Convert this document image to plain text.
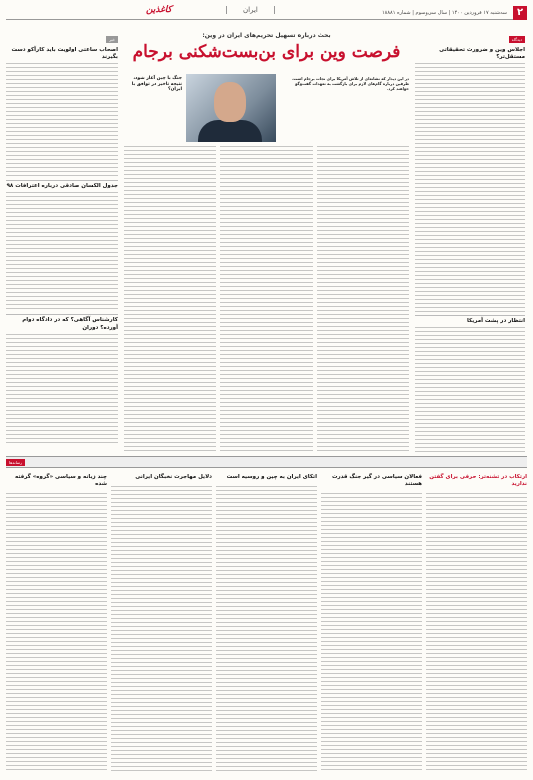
۲
سه‌شنبه ۱۷ فروردین ۱۴۰۰ | سال سی‌وسوم | شماره ۱۸۸۸۱
ایران
کاغذین
دیدگاه
اجلاس وین و ضرورت تحقیقاتی مستقل‌تر؟
انتظار در پشت آمریکا
خبر
اصحاب ساعتی اولویت باید کارآکو دست بگیرند
جدول الکسان صادقی درباره اعترافات ۹۸
کارشناس آگاهی؟ که در دادگاه دوام آورده؟ دوران
بحث درباره تسهیل تحریم‌های ایران در وین:
فرصت وین برای بن‌بست‌شکنی برجام
در این دیدار که نشانه‌ای از تلاش آمریکا برای نجات برجام است، طرفین درباره گام‌های لازم برای بازگشت به تعهدات گفت‌وگو خواهند کرد.
جنگ با چین آغاز شود، نتیجه تاخیر در توافق با ایران؟
رسانه‌ها
ارتکاب در تشنه‌تر: حرفی برای گفتن ندارید
فعالان سیاسی در گیر جنگ قدرت هستند
اتکای ایران به چین و روسیه است
دلایل مهاجرت نخبگان ایرانی
چند زبانه و سیاسی «گروه» گرفته شده
